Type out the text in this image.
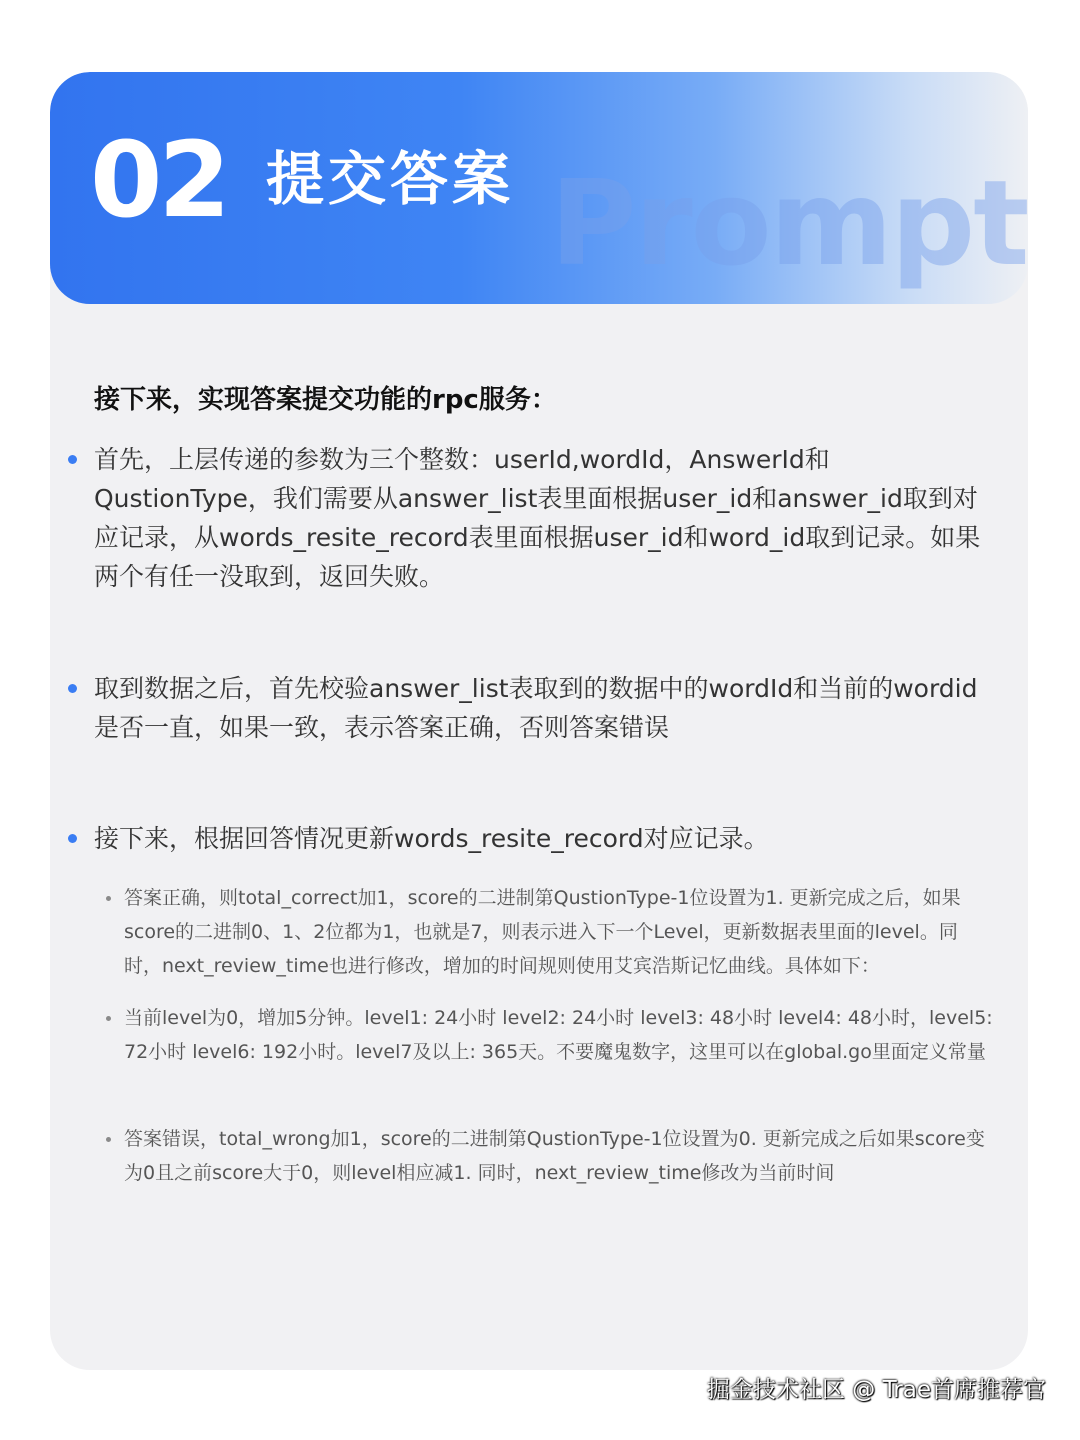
Prompt
02 提交答案
接下来，实现答案提交功能的rpc服务：
首先，上层传递的参数为三个整数：userId,wordId，AnswerId和QustionType，我们需要从answer_list表里面根据user_id和answer_id取到对应记录，从words_resite_record表里面根据user_id和word_id取到记录。如果两个有任一没取到，返回失败。
取到数据之后，首先校验answer_list表取到的数据中的wordId和当前的wordid是否一直，如果一致，表示答案正确，否则答案错误
接下来，根据回答情况更新words_resite_record对应记录。
答案正确，则total_correct加1，score的二进制第QustionType-1位设置为1. 更新完成之后，如果score的二进制0、1、2位都为1，也就是7，则表示进入下一个Level，更新数据表里面的level。同时，next_review_time也进行修改，增加的时间规则使用艾宾浩斯记忆曲线。具体如下：
当前level为0，增加5分钟。level1: 24小时 level2: 24小时 level3: 48小时 level4: 48小时，level5: 72小时 level6: 192小时。level7及以上: 365天。不要魔鬼数字，这里可以在global.go里面定义常量
答案错误，total_wrong加1，score的二进制第QustionType-1位设置为0. 更新完成之后如果score变为0且之前score大于0，则level相应减1. 同时，next_review_time修改为当前时间
掘金技术社区 @ Trae首席推荐官
